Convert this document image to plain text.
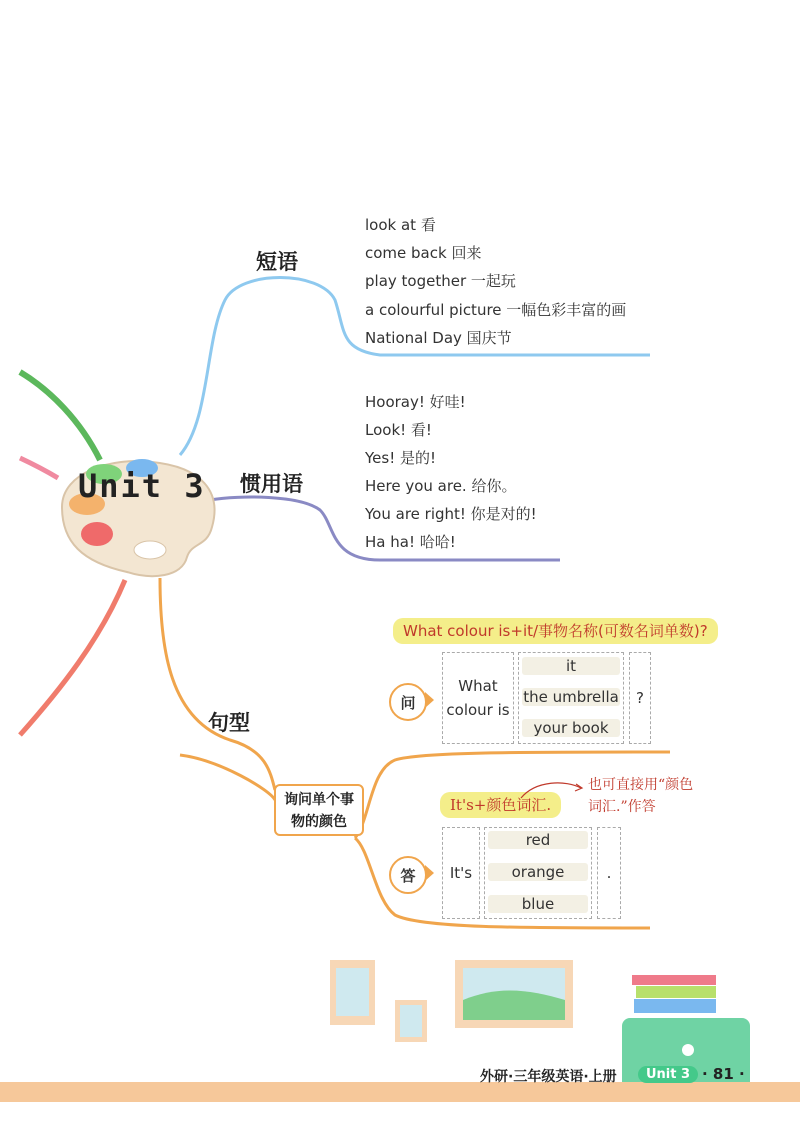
Unit 3
短语
look at 看
come back 回来
play together 一起玩
a colourful picture 一幅色彩丰富的画
National Day 国庆节
惯用语
Hooray! 好哇!
Look! 看!
Yes! 是的!
Here you are. 给你。
You are right! 你是对的!
Ha ha! 哈哈!
句型
询问单个事
物的颜色
What colour is+it/事物名称(可数名词单数)?
问
What
colour is
it
the umbrella
your book
?
It's+颜色词汇.
也可直接用“颜色
词汇.”作答
答	It's
red
orange
blue
.
外研·三年级英语·上册	Unit 3 · 81 ·
